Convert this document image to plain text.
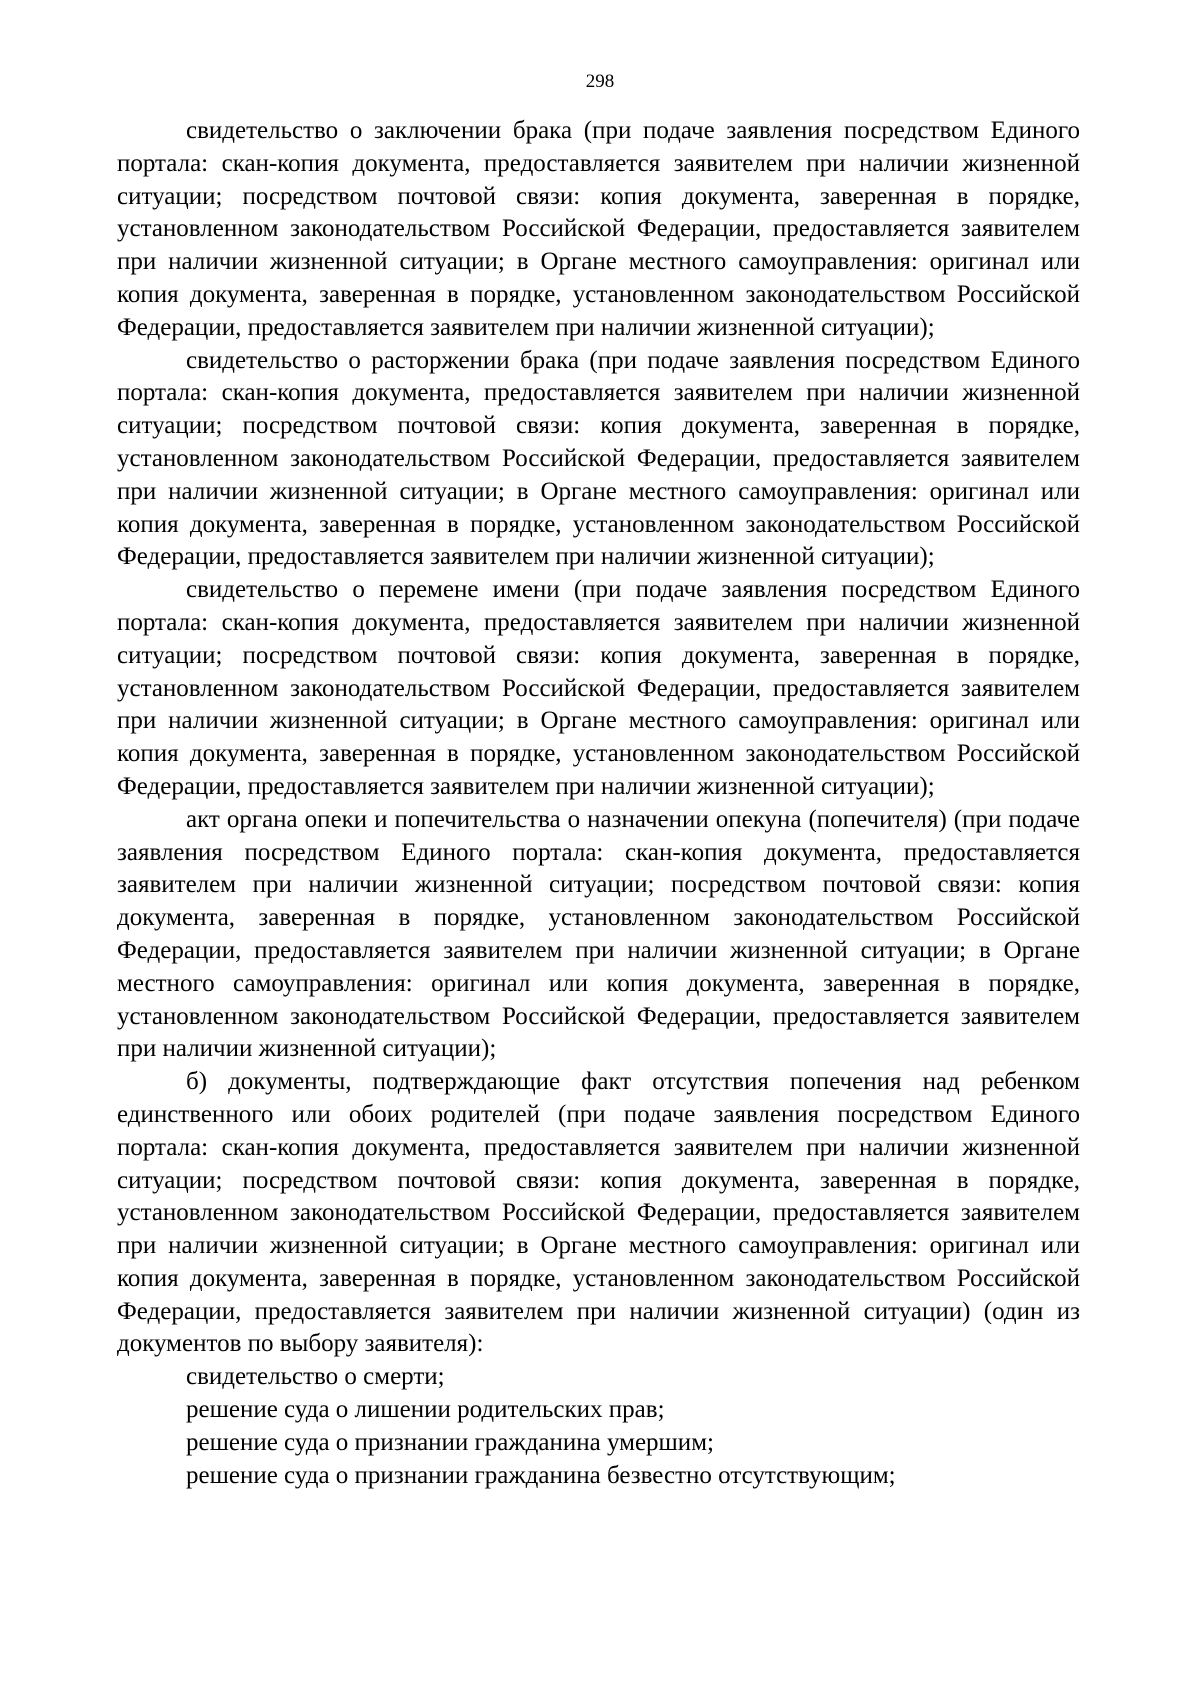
298

свидетельство о заключении брака (при подаче заявления посредством Единого портала: скан-копия документа, предоставляется заявителем при наличии жизненной ситуации; посредством почтовой связи: копия документа, заверенная в порядке, установленном законодательством Российской Федерации, предоставляется заявителем при наличии жизненной ситуации; в Органе местного самоуправления: оригинал или копия документа, заверенная в порядке, установленном законодательством Российской Федерации, предоставляется заявителем при наличии жизненной ситуации);

свидетельство о расторжении брака (при подаче заявления посредством Единого портала: скан-копия документа, предоставляется заявителем при наличии жизненной ситуации; посредством почтовой связи: копия документа, заверенная в порядке, установленном законодательством Российской Федерации, предоставляется заявителем при наличии жизненной ситуации; в Органе местного самоуправления: оригинал или копия документа, заверенная в порядке, установленном законодательством Российской Федерации, предоставляется заявителем при наличии жизненной ситуации);

свидетельство о перемене имени (при подаче заявления посредством Единого портала: скан-копия документа, предоставляется заявителем при наличии жизненной ситуации; посредством почтовой связи: копия документа, заверенная в порядке, установленном законодательством Российской Федерации, предоставляется заявителем при наличии жизненной ситуации; в Органе местного самоуправления: оригинал или копия документа, заверенная в порядке, установленном законодательством Российской Федерации, предоставляется заявителем при наличии жизненной ситуации);

акт органа опеки и попечительства о назначении опекуна (попечителя) (при подаче заявления посредством Единого портала: скан-копия документа, предоставляется заявителем при наличии жизненной ситуации; посредством почтовой связи: копия документа, заверенная в порядке, установленном законодательством Российской Федерации, предоставляется заявителем при наличии жизненной ситуации; в Органе местного самоуправления: оригинал или копия документа, заверенная в порядке, установленном законодательством Российской Федерации, предоставляется заявителем при наличии жизненной ситуации);

б) документы, подтверждающие факт отсутствия попечения над ребенком единственного или обоих родителей (при подаче заявления посредством Единого портала: скан-копия документа, предоставляется заявителем при наличии жизненной ситуации; посредством почтовой связи: копия документа, заверенная в порядке, установленном законодательством Российской Федерации, предоставляется заявителем при наличии жизненной ситуации; в Органе местного самоуправления: оригинал или копия документа, заверенная в порядке, установленном законодательством Российской Федерации, предоставляется заявителем при наличии жизненной ситуации) (один из документов по выбору заявителя):

свидетельство о смерти;

решение суда о лишении родительских прав;

решение суда о признании гражданина умершим;

решение суда о признании гражданина безвестно отсутствующим;
